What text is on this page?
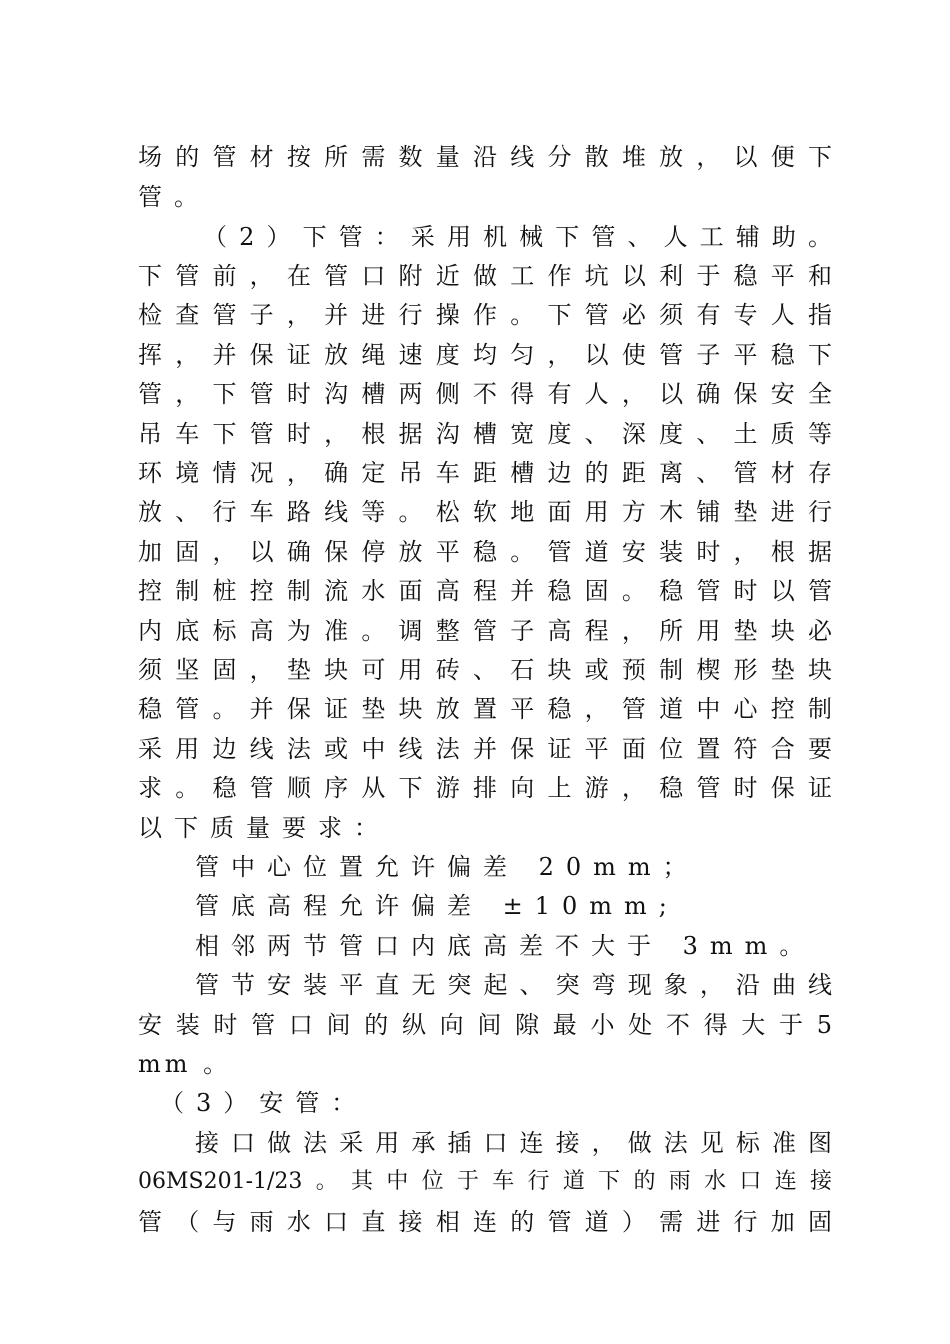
场的管材按所需数量沿线分散堆放，以便下
管。
（2）下管：采用机械下管、人工辅助。
下管前，在管口附近做工作坑以利于稳平和
检查管子，并进行操作。下管必须有专人指
挥，并保证放绳速度均匀，以使管子平稳下
管，下管时沟槽两侧不得有人，以确保安全
吊车下管时，根据沟槽宽度、深度、土质等
环境情况，确定吊车距槽边的距离、管材存
放、行车路线等。松软地面用方木铺垫进行
加固，以确保停放平稳。管道安装时，根据
控制桩控制流水面高程并稳固。稳管时以管
内底标高为准。调整管子高程，所用垫块必
须坚固，垫块可用砖、石块或预制楔形垫块
稳管。并保证垫块放置平稳，管道中心控制
采用边线法或中线法并保证平面位置符合要
求。稳管顺序从下游排向上游，稳管时保证
以下质量要求：
管中心位置允许偏差 20mm；
管底高程允许偏差 ±10mm;
相邻两节管口内底高差不大于 3mm。
管节安装平直无突起、突弯现象，沿曲线
安装时管口间的纵向间隙最小处不得大于5
mm 。
（3）安管：
接口做法采用承插口连接，做法见标准图
06MS201-1/23。其中位于车行道下的雨水口连接
管（与雨水口直接相连的管道）需进行加固
